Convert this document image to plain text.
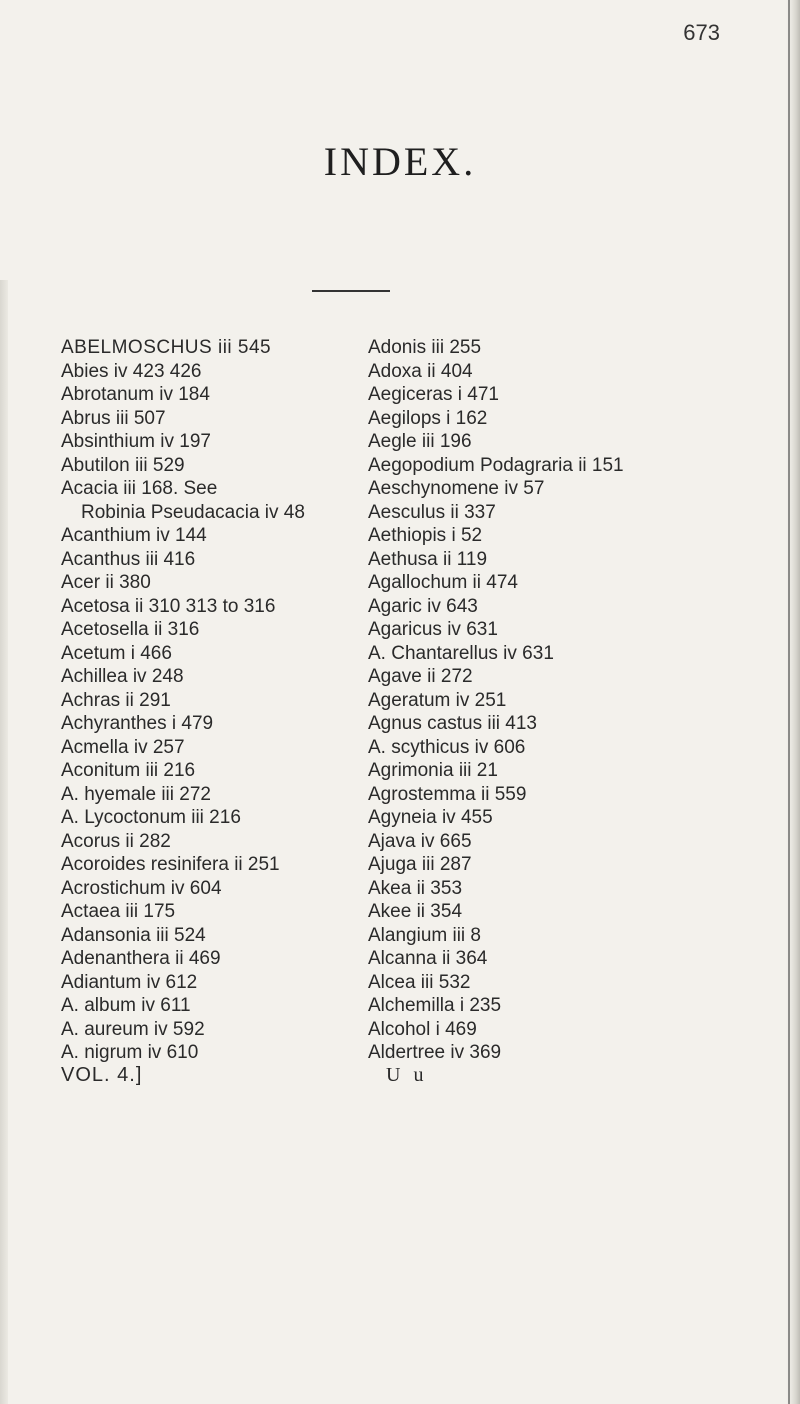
673
INDEX.
ABELMOSCHUS iii 545
Abies iv 423 426
Abrotanum iv 184
Abrus iii 507
Absinthium iv 197
Abutilon iii 529
Acacia iii 168. See
Robinia Pseudacacia iv 48
Acanthium iv 144
Acanthus iii 416
Acer ii 380
Acetosa ii 310 313 to 316
Acetosella ii 316
Acetum i 466
Achillea iv 248
Achras ii 291
Achyranthes i 479
Acmella iv 257
Aconitum iii 216
A. hyemale iii 272
A. Lycoctonum iii 216
Acorus ii 282
Acoroides resinifera ii 251
Acrostichum iv 604
Actaea iii 175
Adansonia iii 524
Adenanthera ii 469
Adiantum iv 612
A. album iv 611
A. aureum iv 592
A. nigrum iv 610
Adonis iii 255
Adoxa ii 404
Aegiceras i 471
Aegilops i 162
Aegle iii 196
Aegopodium Podagraria ii 151
Aeschynomene iv 57
Aesculus ii 337
Aethiopis i 52
Aethusa ii 119
Agallochum ii 474
Agaric iv 643
Agaricus iv 631
A. Chantarellus iv 631
Agave ii 272
Ageratum iv 251
Agnus castus iii 413
A. scythicus iv 606
Agrimonia iii 21
Agrostemma ii 559
Agyneia iv 455
Ajava iv 665
Ajuga iii 287
Akea ii 353
Akee ii 354
Alangium iii 8
Alcanna ii 364
Alcea iii 532
Alchemilla i 235
Alcohol i 469
Aldertree iv 369
VOL. 4.]	U u
